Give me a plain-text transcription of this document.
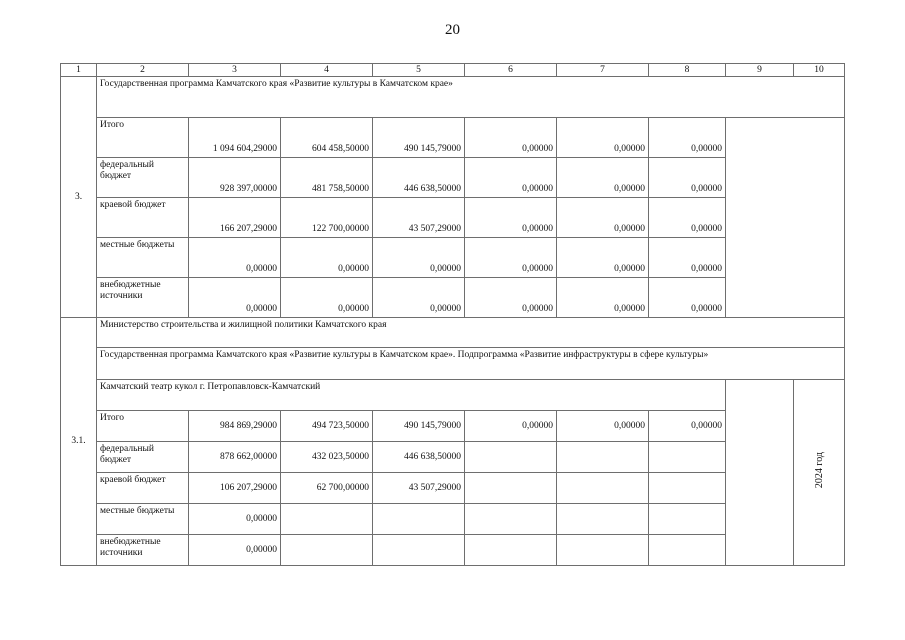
20
1	2	3	4	5	6	7	8	9	10
3.	Государственная программа Камчатского края «Развитие культуры в Камчатском крае»								
	Итого	1 094 604,29000	604 458,50000	490 145,79000	0,00000	0,00000	0,00000		
	федеральный бюджет	928 397,00000	481 758,50000	446 638,50000	0,00000	0,00000	0,00000		
	краевой бюджет	166 207,29000	122 700,00000	43 507,29000	0,00000	0,00000	0,00000		
	местные бюджеты	0,00000	0,00000	0,00000	0,00000	0,00000	0,00000		
	внебюджетные источники	0,00000	0,00000	0,00000	0,00000	0,00000	0,00000		
3.1.	Министерство строительства и жилищной политики Камчатского края								
	Государственная программа Камчатского края «Развитие культуры в Камчатском крае». Подпрограмма «Развитие инфраструктуры в сфере культуры»								
	Камчатский театр кукол г. Петропавловск-Камчатский								2024 год
	Итого	984 869,29000	494 723,50000	490 145,79000	0,00000	0,00000	0,00000		
	федеральный бюджет	878 662,00000	432 023,50000	446 638,50000					
	краевой бюджет	106 207,29000	62 700,00000	43 507,29000					
	местные бюджеты	0,00000							
	внебюджетные источники	0,00000							
